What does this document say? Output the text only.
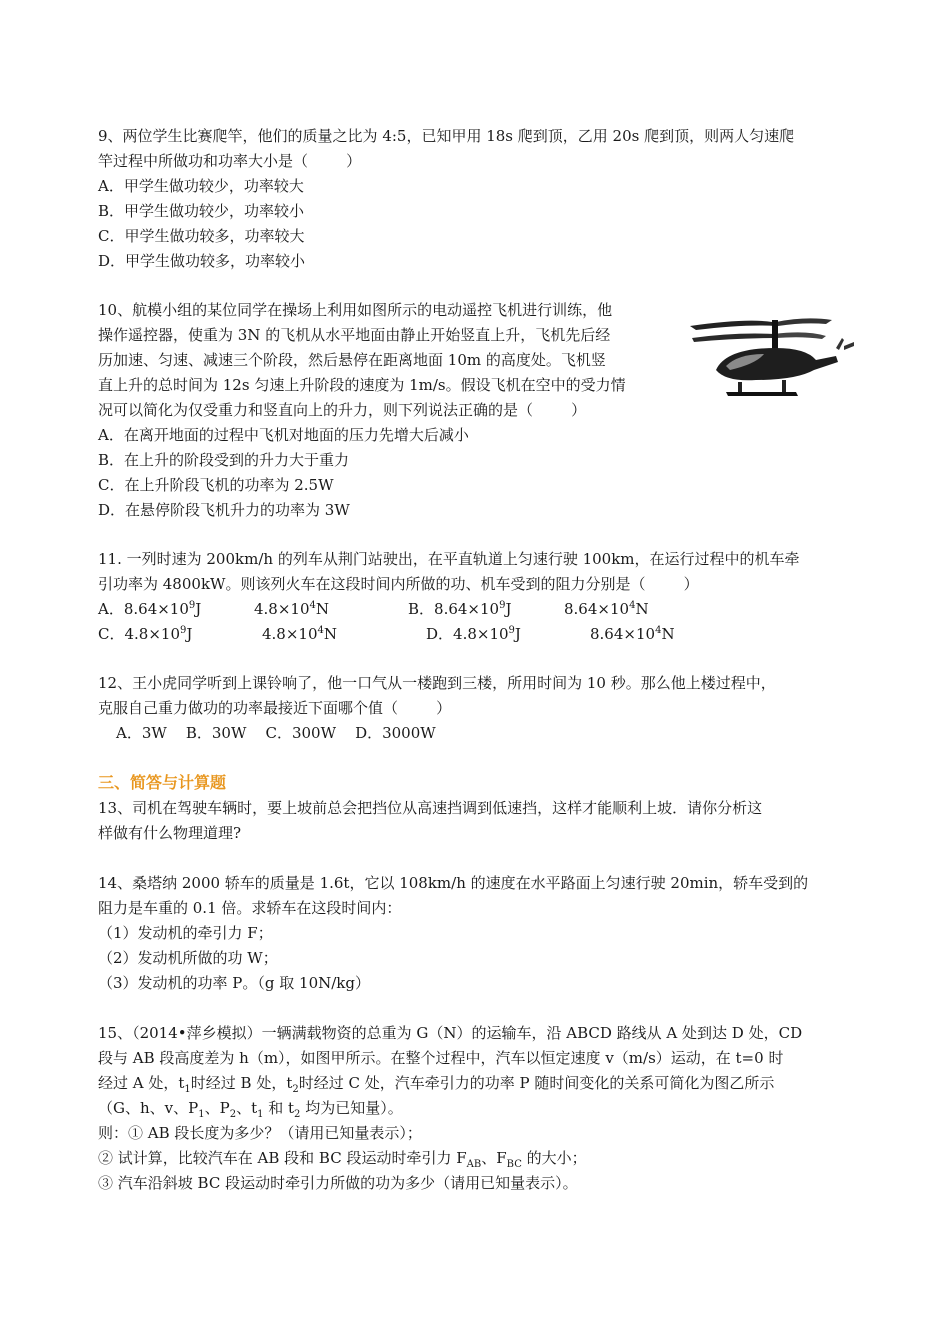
9、两位学生比赛爬竿，他们的质量之比为 4:5，已知甲用 18s 爬到顶，乙用 20s 爬到顶，则两人匀速爬
竿过程中所做功和功率大小是（        ）
A．甲学生做功较少，功率较大
B．甲学生做功较少，功率较小
C．甲学生做功较多，功率较大
D．甲学生做功较多，功率较小
10、航模小组的某位同学在操场上利用如图所示的电动遥控飞机进行训练，他
操作遥控器，使重为 3N 的飞机从水平地面由静止开始竖直上升，飞机先后经
历加速、匀速、减速三个阶段，然后悬停在距离地面 10m 的高度处。飞机竖
直上升的总时间为 12s 匀速上升阶段的速度为 1m/s。假设飞机在空中的受力情
况可以简化为仅受重力和竖直向上的升力，则下列说法正确的是（        ）
A．在离开地面的过程中飞机对地面的压力先增大后减小
B．在上升的阶段受到的升力大于重力
C．在上升阶段飞机的功率为 2.5W
D．在悬停阶段飞机升力的功率为 3W
11. 一列时速为 200km/h 的列车从荆门站驶出，在平直轨道上匀速行驶 100km，在运行过程中的机车牵
引功率为 4800kW。则该列火车在这段时间内所做的功、机车受到的阻力分别是（        ）
A．$8.64\times 10^9J$	$4.8\times 10^4N$	B．$8.64\times 10^9J$	$8.64\times 10^4N$
C．$4.8\times 10^9J$	$4.8\times 10^4N$	D．$4.8\times 10^9J$	$8.64\times 10^4N$
12、王小虎同学听到上课铃响了，他一口气从一楼跑到三楼，所用时间为 10 秒。那么他上楼过程中，
克服自己重力做功的功率最接近下面哪个值（        ）
A．3W    B．30W    C．300W    D．3000W
三、简答与计算题
13、司机在驾驶车辆时，要上坡前总会把挡位从高速挡调到低速挡，这样才能顺利上坡．请你分析这
样做有什么物理道理?
14、桑塔纳 2000 轿车的质量是 1.6t，它以 108km/h 的速度在水平路面上匀速行驶 20min，轿车受到的
阻力是车重的 0.1 倍。求轿车在这段时间内：
（1）发动机的牵引力 F；
（2）发动机所做的功 W；
（3）发动机的功率 P。（g 取 10N/kg）
15、（2014•萍乡模拟）一辆满载物资的总重为 G（N）的运输车，沿 ABCD 路线从 A 处到达 D 处，CD
段与 AB 段高度差为 h（m），如图甲所示。在整个过程中，汽车以恒定速度 v（m/s）运动，在 t=0 时
经过 A 处，$t_1$时经过 B 处，$t_2$时经过 C 处，汽车牵引力的功率 P 随时间变化的关系可简化为图乙所示
（G、h、v、$P_1$、$P_2$、$t_1$ 和 $t_2$ 均为已知量）。
则：① AB 段长度为多少？（请用已知量表示）；
② 试计算，比较汽车在 AB 段和 BC 段运动时牵引力 $F_{AB}$、$F_{BC}$ 的大小；
③ 汽车沿斜坡 BC 段运动时牵引力所做的功为多少（请用已知量表示）。
